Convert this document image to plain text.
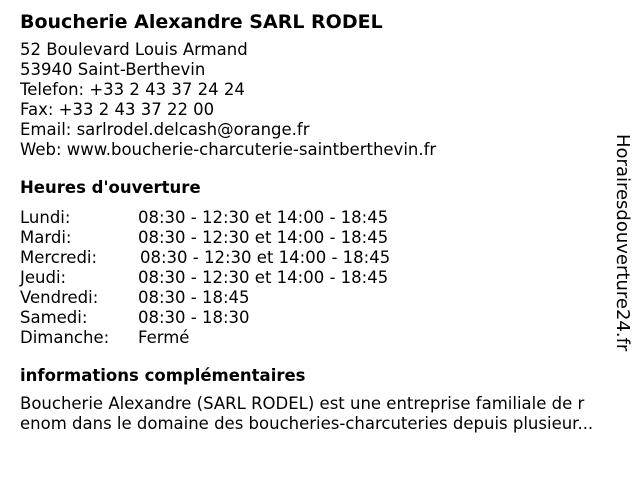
Boucherie Alexandre SARL RODEL
52 Boulevard Louis Armand
53940 Saint-Berthevin
Telefon: +33 2 43 37 24 24
Fax: +33 2 43 37 22 00
Email: sarlrodel.delcash@orange.fr
Web: www.boucherie-charcuterie-saintberthevin.fr
Heures d'ouverture
Lundi:	08:30 - 12:30 et 14:00 - 18:45
Mardi:	08:30 - 12:30 et 14:00 - 18:45
Mercredi:	08:30 - 12:30 et 14:00 - 18:45
Jeudi:	08:30 - 12:30 et 14:00 - 18:45
Vendredi: 08:30 - 18:45
Samedi:	08:30 - 18:30
Dimanche: Fermé
informations complémentaires
Boucherie Alexandre (SARL RODEL) est une entreprise familiale de r
enom dans le domaine des boucheries-charcuteries depuis plusieur...
Horairesdouverture24.fr
